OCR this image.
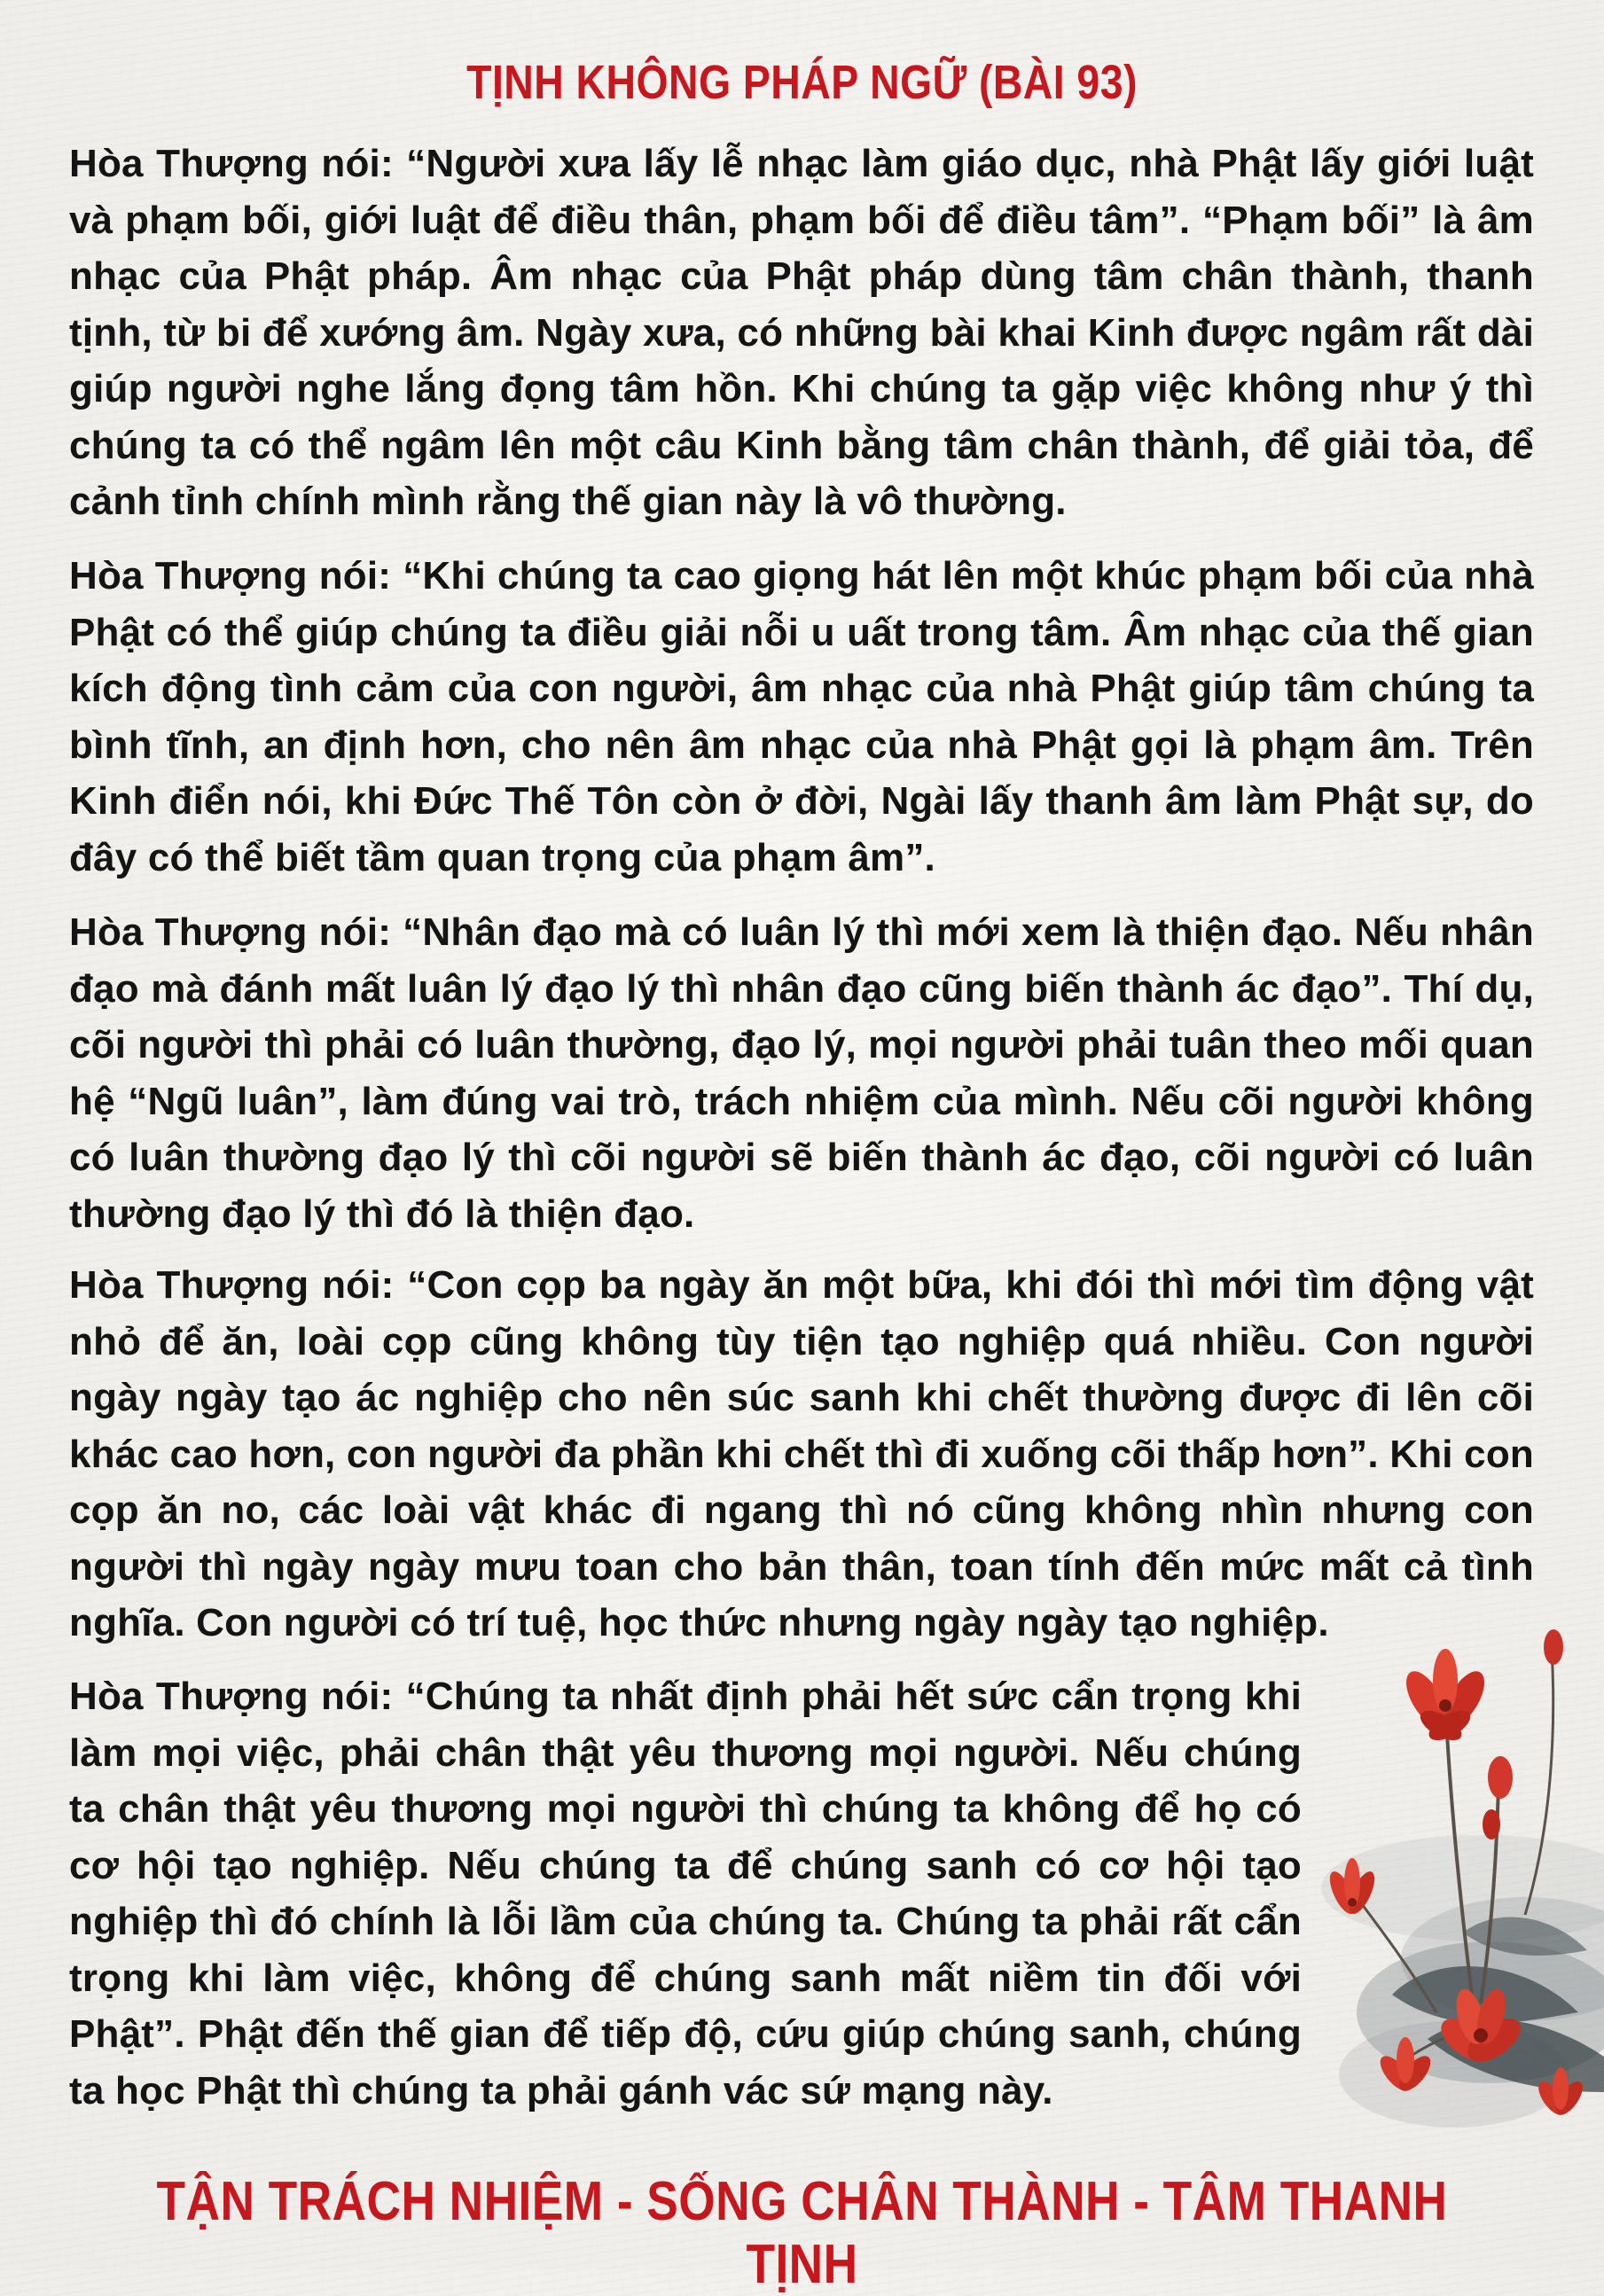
TỊNH KHÔNG PHÁP NGỮ (BÀI 93)
Hòa Thượng nói: “Người xưa lấy lễ nhạc làm giáo dục, nhà Phật lấy giới luật và phạm bối, giới luật để điều thân, phạm bối để điều tâm”. “Phạm bối” là âm nhạc của Phật pháp. Âm nhạc của Phật pháp dùng tâm chân thành, thanh tịnh, từ bi để xướng âm. Ngày xưa, có những bài khai Kinh được ngâm rất dài giúp người nghe lắng đọng tâm hồn. Khi chúng ta gặp việc không như ý thì chúng ta có thể ngâm lên một câu Kinh bằng tâm chân thành, để giải tỏa, để cảnh tỉnh chính mình rằng thế gian này là vô thường.
Hòa Thượng nói: “Khi chúng ta cao giọng hát lên một khúc phạm bối của nhà Phật có thể giúp chúng ta điều giải nỗi u uất trong tâm. Âm nhạc của thế gian kích động tình cảm của con người, âm nhạc của nhà Phật giúp tâm chúng ta bình tĩnh, an định hơn, cho nên âm nhạc của nhà Phật gọi là phạm âm. Trên Kinh điển nói, khi Đức Thế Tôn còn ở đời, Ngài lấy thanh âm làm Phật sự, do đây có thể biết tầm quan trọng của phạm âm”.
Hòa Thượng nói: “Nhân đạo mà có luân lý thì mới xem là thiện đạo. Nếu nhân đạo mà đánh mất luân lý đạo lý thì nhân đạo cũng biến thành ác đạo”. Thí dụ, cõi người thì phải có luân thường, đạo lý, mọi người phải tuân theo mối quan hệ “Ngũ luân”, làm đúng vai trò, trách nhiệm của mình. Nếu cõi người không có luân thường đạo lý thì cõi người sẽ biến thành ác đạo, cõi người có luân thường đạo lý thì đó là thiện đạo.
Hòa Thượng nói: “Con cọp ba ngày ăn một bữa, khi đói thì mới tìm động vật nhỏ để ăn, loài cọp cũng không tùy tiện tạo nghiệp quá nhiều. Con người ngày ngày tạo ác nghiệp cho nên súc sanh khi chết thường được đi lên cõi khác cao hơn, con người đa phần khi chết thì đi xuống cõi thấp hơn”. Khi con cọp ăn no, các loài vật khác đi ngang thì nó cũng không nhìn nhưng con người thì ngày ngày mưu toan cho bản thân, toan tính đến mức mất cả tình nghĩa. Con người có trí tuệ, học thức nhưng ngày ngày tạo nghiệp.
Hòa Thượng nói: “Chúng ta nhất định phải hết sức cẩn trọng khi làm mọi việc, phải chân thật yêu thương mọi người. Nếu chúng ta chân thật yêu thương mọi người thì chúng ta không để họ có cơ hội tạo nghiệp. Nếu chúng ta để chúng sanh có cơ hội tạo nghiệp thì đó chính là lỗi lầm của chúng ta. Chúng ta phải rất cẩn trọng khi làm việc, không để chúng sanh mất niềm tin đối với Phật”. Phật đến thế gian để tiếp độ, cứu giúp chúng sanh, chúng ta học Phật thì chúng ta phải gánh vác sứ mạng này.
TẬN TRÁCH NHIỆM - SỐNG CHÂN THÀNH - TÂM THANH TỊNH
